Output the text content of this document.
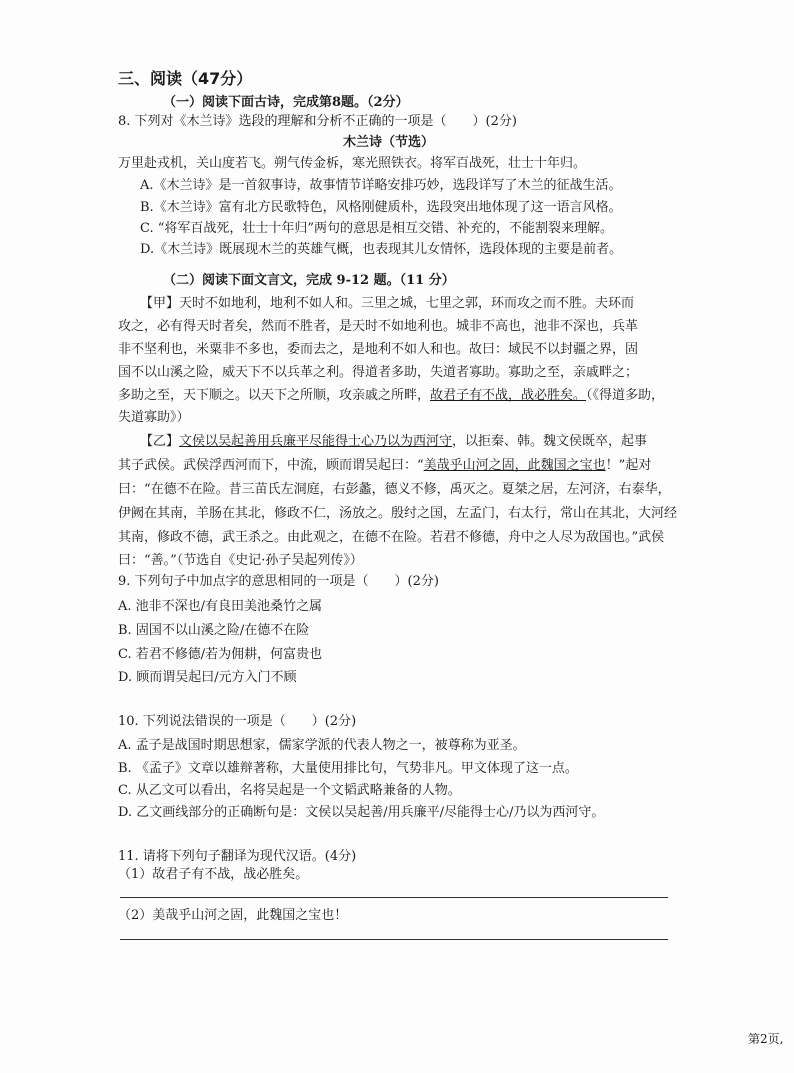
三、阅读（47分）
（一）阅读下面古诗，完成第8题。（2分）
8. 下列对《木兰诗》选段的理解和分析不正确的一项是（　　）(2分)
木兰诗（节选）
万里赴戎机，关山度若飞。朔气传金柝，寒光照铁衣。将军百战死，壮士十年归。
A.《木兰诗》是一首叙事诗，故事情节详略安排巧妙，选段详写了木兰的征战生活。
B.《木兰诗》富有北方民歌特色，风格刚健质朴，选段突出地体现了这一语言风格。
C. “将军百战死，壮士十年归”两句的意思是相互交错、补充的，不能割裂来理解。
D.《木兰诗》既展现木兰的英雄气概，也表现其儿女情怀，选段体现的主要是前者。
（二）阅读下面文言文，完成 9-12 题。（11 分）
【甲】天时不如地利，地利不如人和。三里之城，七里之郭，环而攻之而不胜。夫环而
攻之，必有得天时者矣，然而不胜者，是天时不如地利也。城非不高也，池非不深也，兵革
非不坚利也，米粟非不多也，委而去之，是地利不如人和也。故曰：域民不以封疆之界，固
国不以山溪之险，威天下不以兵革之利。得道者多助，失道者寡助。寡助之至，亲戚畔之；
多助之至，天下顺之。以天下之所顺，攻亲戚之所畔，故君子有不战，战必胜矣。（《得道多助，
失道寡助》）
【乙】文侯以吴起善用兵廉平尽能得士心乃以为西河守，以拒秦、韩。魏文侯既卒，起事
其子武侯。武侯浮西河而下，中流，顾而谓吴起曰：“美哉乎山河之固，此魏国之宝也！”起对
曰：“在德不在险。昔三苗氏左洞庭，右彭蠡，德义不修，禹灭之。夏桀之居，左河济，右泰华，
伊阙在其南，羊肠在其北，修政不仁，汤放之。殷纣之国，左孟门，右太行，常山在其北，大河经
其南，修政不德，武王杀之。由此观之，在德不在险。若君不修德，舟中之人尽为敌国也。”武侯
曰：“善。”（节选自《史记·孙子吴起列传》）
9. 下列句子中加点字的意思相同的一项是（　　）(2分)
A. 池非不深也/有良田美池桑竹之属
B. 固国不以山溪之险/在德不在险
C. 若君不修德/若为佣耕，何富贵也
D. 顾而谓吴起曰/元方入门不顾
10. 下列说法错误的一项是（　　）(2分)
A. 孟子是战国时期思想家，儒家学派的代表人物之一，被尊称为亚圣。
B. 《孟子》文章以雄辩著称，大量使用排比句，气势非凡。甲文体现了这一点。
C. 从乙文可以看出，名将吴起是一个文韬武略兼备的人物。
D. 乙文画线部分的正确断句是：文侯以吴起善/用兵廉平/尽能得士心/乃以为西河守。
11. 请将下列句子翻译为现代汉语。(4分)
（1）故君子有不战，战必胜矣。
（2）美哉乎山河之固，此魏国之宝也！
第2页,
